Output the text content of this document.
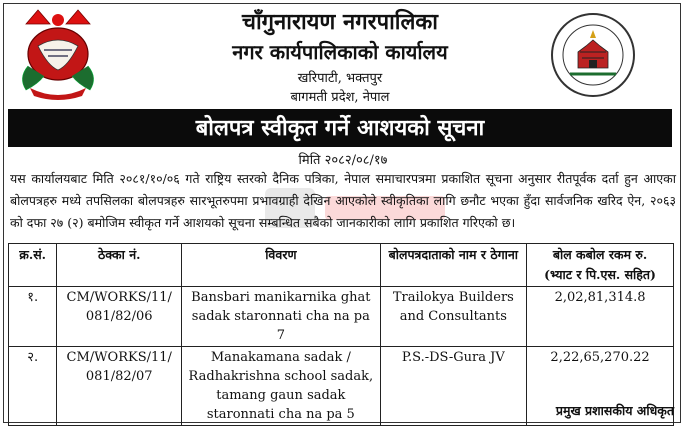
चाँगुनारायण नगरपालिका
नगर कार्यपालिकाको कार्यालय
खरिपाटी, भक्तपुर
बागमती प्रदेश, नेपाल
बोलपत्र स्वीकृत गर्ने आशयको सूचना
मिति २०८२/०८/१७
यस कार्यालयबाट मिति २०८१/१०/०६ गते राष्ट्रिय स्तरको दैनिक पत्रिका, नेपाल समाचारपत्रमा प्रकाशित सूचना अनुसार रीतपूर्वक दर्ता हुन आएका बोलपत्रहरु मध्ये तपसिलका बोलपत्रहरु सारभूतरुपमा प्रभावग्राही देखिन आएकोले स्वीकृतिका लागि छनौट भएका हुँदा सार्वजनिक खरिद ऐन, २०६३ को दफा २७ (२) बमोजिम स्वीकृत गर्ने आशयको सूचना सम्बन्धित सबैको जानकारीको लागि प्रकाशित गरिएको छ।
क्र.सं.	ठेक्का नं.	विवरण	बोलपत्रदाताको नाम र ठेगाना	बोल कबोल रकम रु.
(भ्याट र पि.एस. सहित)

१.	CM/WORKS/11/ 081/82/06	Bansbari manikarnika ghat sadak staronnati cha na pa 7	Trailokya Builders and Consultants	2,02,81,314.8
२.	CM/WORKS/11/ 081/82/07	Manakamana sadak / Radhakrishna school sadak, tamang gaun sadak staronnati cha na pa 5	P.S.-DS-Gura JV	2,22,65,270.22
प्रमुख प्रशासकीय अधिकृत
